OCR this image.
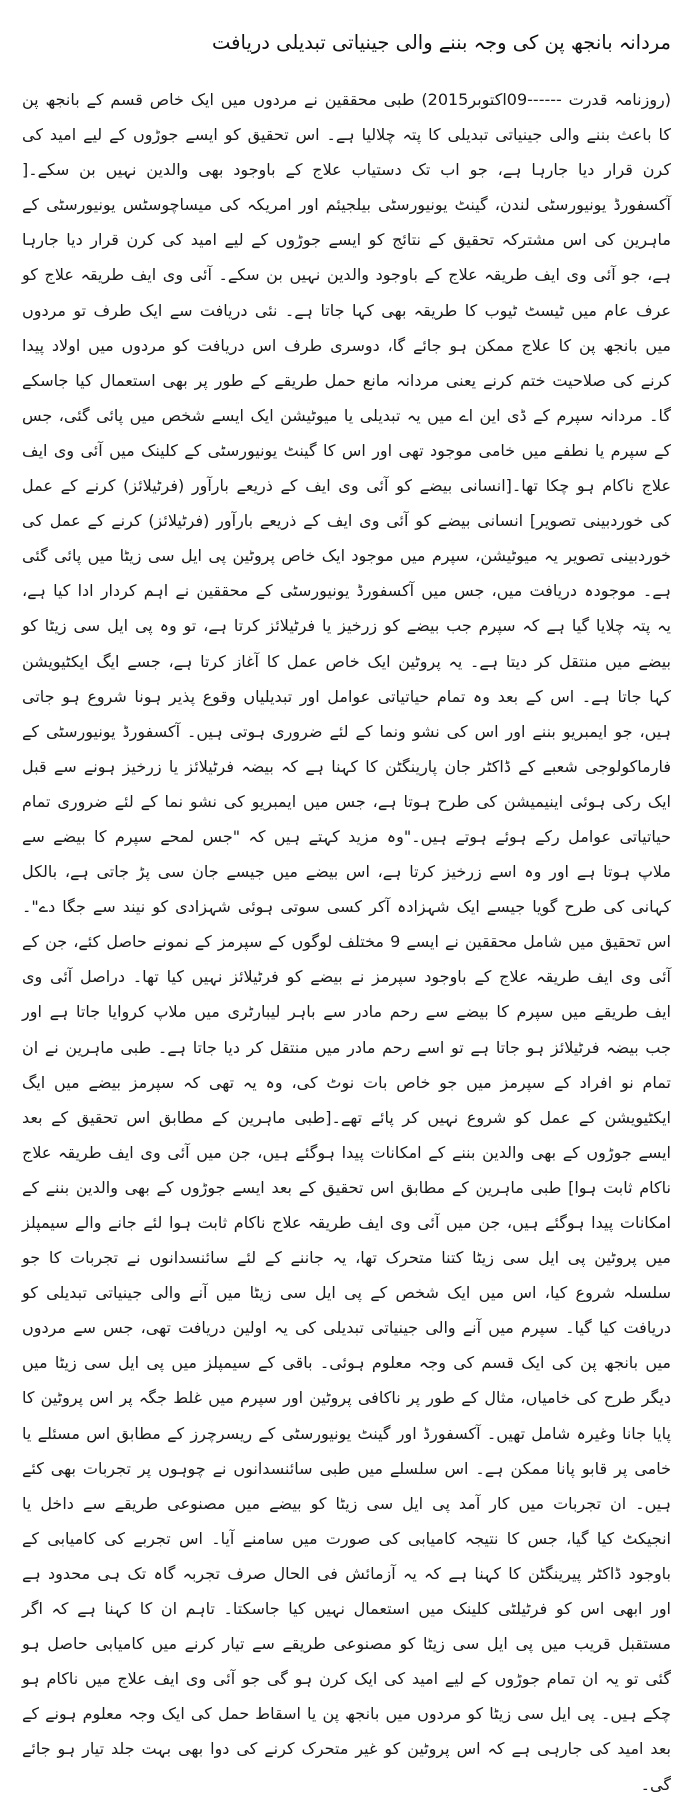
مردانہ بانجھ پن کی وجہ بننے والی جینیاتی تبدیلی دریافت
(روزنامہ قدرت ------09اکتوبر2015) طبی محققین نے مردوں میں ایک خاص قسم کے بانجھ پن کا باعث بننے والی جینیاتی تبدیلی کا پتہ چلالیا ہے۔ اس تحقیق کو ایسے جوڑوں کے لیے امید کی کرن قرار دیا جارہا ہے، جو اب تک دستیاب علاج کے باوجود بھی والدین نہیں بن سکے۔[ آکسفورڈ یونیورسٹی لندن، گینٹ یونیورسٹی بیلجیئم اور امریکہ کی میساچوسٹس یونیورسٹی کے ماہرین کی اس مشترکہ تحقیق کے نتائج کو ایسے جوڑوں کے لیے امید کی کرن قرار دیا جارہا ہے، جو آئی وی ایف طریقہ علاج کے باوجود والدین نہیں بن سکے۔ آئی وی ایف طریقہ علاج کو عرف عام میں ٹیسٹ ٹیوب کا طریقہ بھی کہا جاتا ہے۔ نئی دریافت سے ایک طرف تو مردوں میں بانجھ پن کا علاج ممکن ہو جائے گا، دوسری طرف اس دریافت کو مردوں میں اولاد پیدا کرنے کی صلاحیت ختم کرنے یعنی مردانہ مانع حمل طریقے کے طور پر بھی استعمال کیا جاسکے گا۔ مردانہ سپرم کے ڈی این اے میں یہ تبدیلی یا میوٹیشن ایک ایسے شخص میں پائی گئی، جس کے سپرم یا نطفے میں خامی موجود تھی اور اس کا گینٹ یونیورسٹی کے کلینک میں آئی وی ایف علاج ناکام ہو چکا تھا۔[انسانی بیضے کو آئی وی ایف کے ذریعے بارآور (فرٹیلائز) کرنے کے عمل کی خوردبینی تصویر] انسانی بیضے کو آئی وی ایف کے ذریعے بارآور (فرٹیلائز) کرنے کے عمل کی خوردبینی تصویر یہ میوٹیشن، سپرم میں موجود ایک خاص پروٹین پی ایل سی زیٹا میں پائی گئی ہے۔ موجودہ دریافت میں، جس میں آکسفورڈ یونیورسٹی کے محققین نے اہم کردار ادا کیا ہے، یہ پتہ چلایا گیا ہے کہ سپرم جب بیضے کو زرخیز یا فرٹیلائز کرتا ہے، تو وہ پی ایل سی زیٹا کو بیضے میں منتقل کر دیتا ہے۔ یہ پروٹین ایک خاص عمل کا آغاز کرتا ہے، جسے ایگ ایکٹیویشن کہا جاتا ہے۔ اس کے بعد وہ تمام حیاتیاتی عوامل اور تبدیلیاں وقوع پذیر ہونا شروع ہو جاتی ہیں، جو ایمبریو بننے اور اس کی نشو ونما کے لئے ضروری ہوتی ہیں۔ آکسفورڈ یونیورسٹی کے فارماکولوجی شعبے کے ڈاکٹر جان پارینگٹن کا کہنا ہے کہ بیضہ فرٹیلائز یا زرخیز ہونے سے قبل ایک رکی ہوئی اینیمیشن کی طرح ہوتا ہے، جس میں ایمبریو کی نشو نما کے لئے ضروری تمام حیاتیاتی عوامل رکے ہوئے ہوتے ہیں۔"وہ مزید کہتے ہیں کہ "جس لمحے سپرم کا بیضے سے ملاپ ہوتا ہے اور وہ اسے زرخیز کرتا ہے، اس بیضے میں جیسے جان سی پڑ جاتی ہے، بالکل کہانی کی طرح گویا جیسے ایک شہزادہ آکر کسی سوتی ہوئی شہزادی کو نیند سے جگا دے"۔ اس تحقیق میں شامل محققین نے ایسے 9 مختلف لوگوں کے سپرمز کے نمونے حاصل کئے، جن کے آئی وی ایف طریقہ علاج کے باوجود سپرمز نے بیضے کو فرٹیلائز نہیں کیا تھا۔ دراصل آئی وی ایف طریقے میں سپرم کا بیضے سے رحم مادر سے باہر لیبارٹری میں ملاپ کروایا جاتا ہے اور جب بیضہ فرٹیلائز ہو جاتا ہے تو اسے رحم مادر میں منتقل کر دیا جاتا ہے۔ طبی ماہرین نے ان تمام نو افراد کے سپرمز میں جو خاص بات نوٹ کی، وہ یہ تھی کہ سپرمز بیضے میں ایگ ایکٹیویشن کے عمل کو شروع نہیں کر پائے تھے۔[طبی ماہرین کے مطابق اس تحقیق کے بعد ایسے جوڑوں کے بھی والدین بننے کے امکانات پیدا ہوگئے ہیں، جن میں آئی وی ایف طریقہ علاج ناکام ثابت ہوا] طبی ماہرین کے مطابق اس تحقیق کے بعد ایسے جوڑوں کے بھی والدین بننے کے امکانات پیدا ہوگئے ہیں، جن میں آئی وی ایف طریقہ علاج ناکام ثابت ہوا لئے جانے والے سیمپلز میں پروٹین پی ایل سی زیٹا کتنا متحرک تھا، یہ جاننے کے لئے سائنسدانوں نے تجربات کا جو سلسلہ شروع کیا، اس میں ایک شخص کے پی ایل سی زیٹا میں آنے والی جینیاتی تبدیلی کو دریافت کیا گیا۔ سپرم میں آنے والی جینیاتی تبدیلی کی یہ اولین دریافت تھی، جس سے مردوں میں بانجھ پن کی ایک قسم کی وجہ معلوم ہوئی۔ باقی کے سیمپلز میں پی ایل سی زیٹا میں دیگر طرح کی خامیاں، مثال کے طور پر ناکافی پروٹین اور سپرم میں غلط جگہ پر اس پروٹین کا پایا جانا وغیرہ شامل تھیں۔ آکسفورڈ اور گینٹ یونیورسٹی کے ریسرچرز کے مطابق اس مسئلے یا خامی پر قابو پانا ممکن ہے۔ اس سلسلے میں طبی سائنسدانوں نے چوہوں پر تجربات بھی کئے ہیں۔ ان تجربات میں کار آمد پی ایل سی زیٹا کو بیضے میں مصنوعی طریقے سے داخل یا انجیکٹ کیا گیا، جس کا نتیجہ کامیابی کی صورت میں سامنے آیا۔ اس تجربے کی کامیابی کے باوجود ڈاکٹر پیرینگٹن کا کہنا ہے کہ یہ آزمائش فی الحال صرف تجربہ گاہ تک ہی محدود ہے اور ابھی اس کو فرٹیلٹی کلینک میں استعمال نہیں کیا جاسکتا۔ تاہم ان کا کہنا ہے کہ اگر مستقبل قریب میں پی ایل سی زیٹا کو مصنوعی طریقے سے تیار کرنے میں کامیابی حاصل ہو گئی تو یہ ان تمام جوڑوں کے لیے امید کی ایک کرن ہو گی جو آئی وی ایف علاج میں ناکام ہو چکے ہیں۔ پی ایل سی زیٹا کو مردوں میں بانجھ پن یا اسقاط حمل کی ایک وجہ معلوم ہونے کے بعد امید کی جارہی ہے کہ اس پروٹین کو غیر متحرک کرنے کی دوا بھی بہت جلد تیار ہو جائے گی۔
